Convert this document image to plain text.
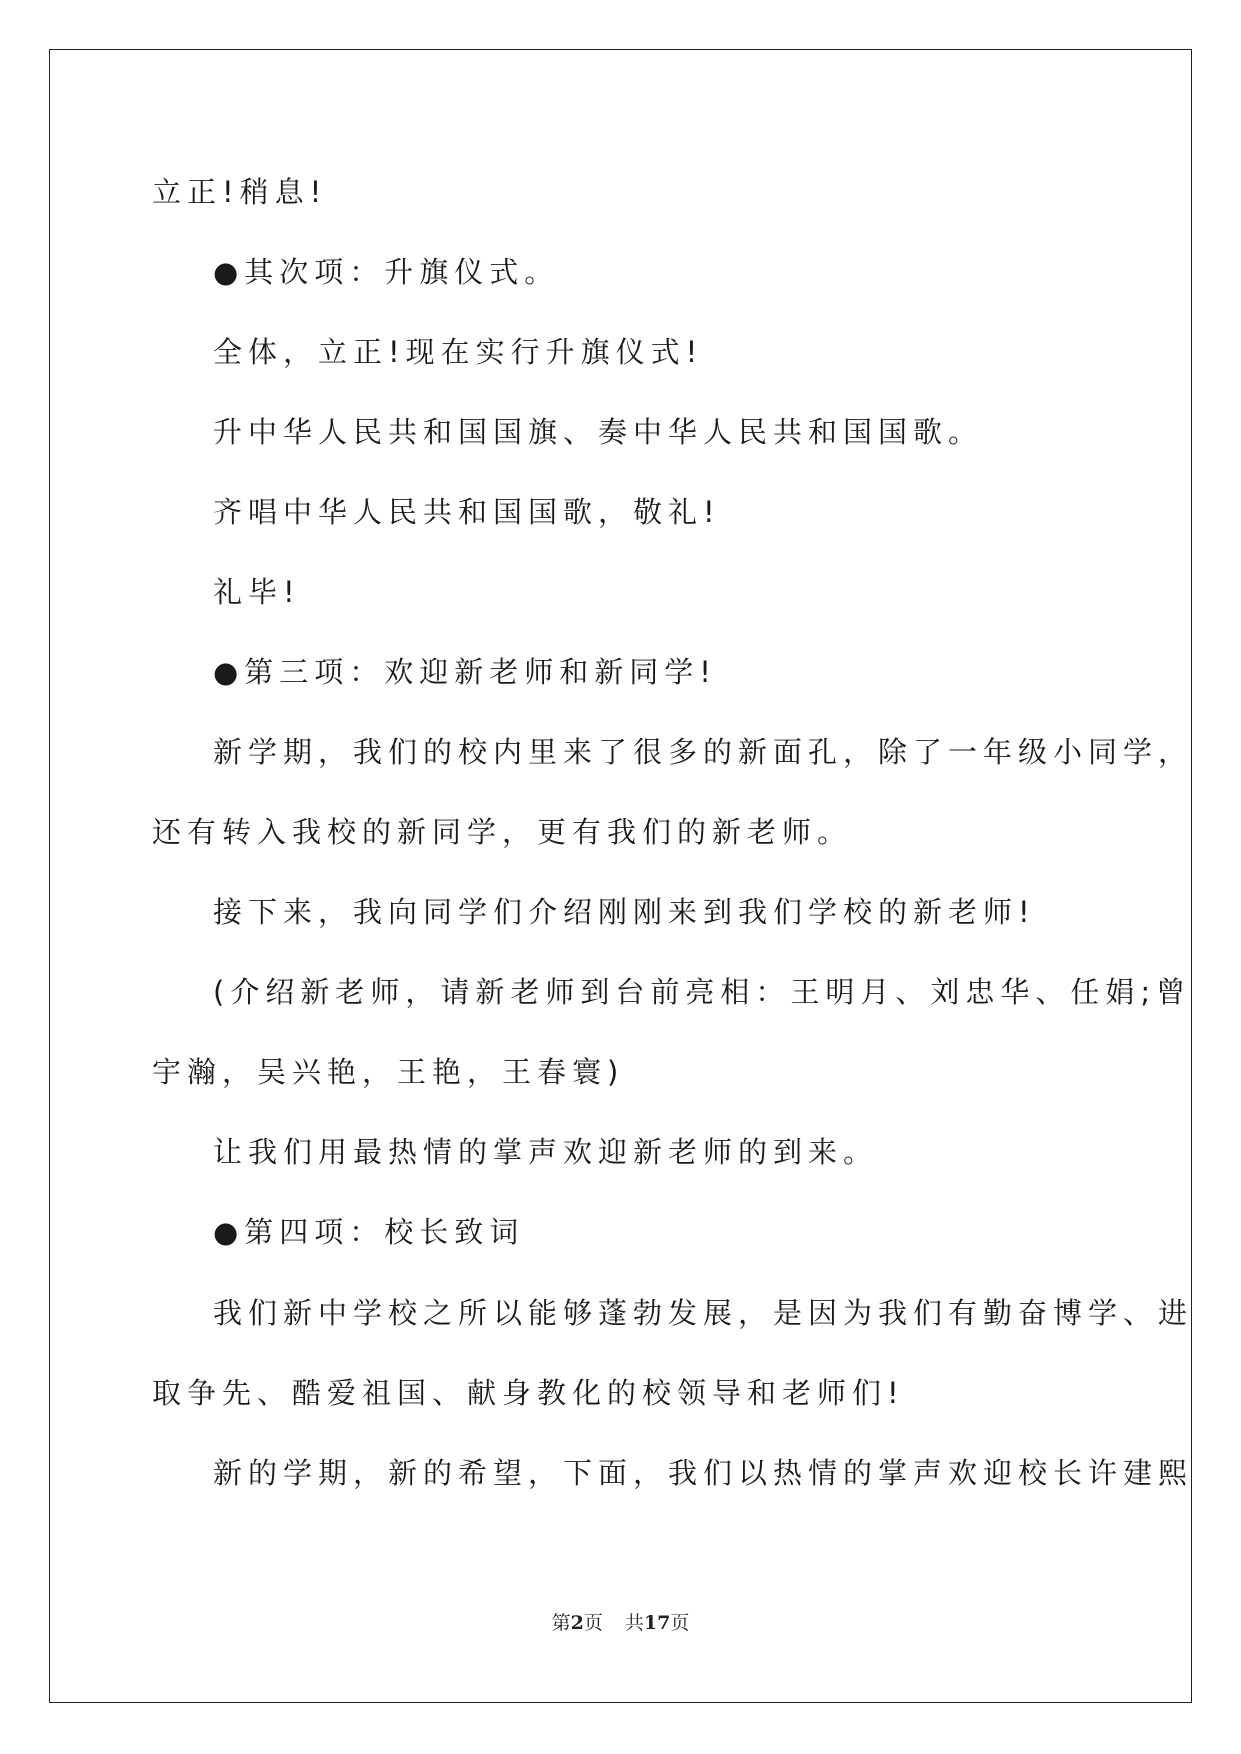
立正!稍息!
●其次项：升旗仪式。
全体，立正!现在实行升旗仪式!
升中华人民共和国国旗、奏中华人民共和国国歌。
齐唱中华人民共和国国歌，敬礼!
礼毕!
●第三项：欢迎新老师和新同学!
新学期，我们的校内里来了很多的新面孔，除了一年级小同学，
还有转入我校的新同学，更有我们的新老师。
接下来，我向同学们介绍刚刚来到我们学校的新老师!
(介绍新老师，请新老师到台前亮相：王明月、刘忠华、任娟;曾
宇瀚，吴兴艳，王艳，王春寰)
让我们用最热情的掌声欢迎新老师的到来。
●第四项：校长致词
我们新中学校之所以能够蓬勃发展，是因为我们有勤奋博学、进
取争先、酷爱祖国、献身教化的校领导和老师们!
新的学期，新的希望，下面，我们以热情的掌声欢迎校长许建熙
第2页 共17页
